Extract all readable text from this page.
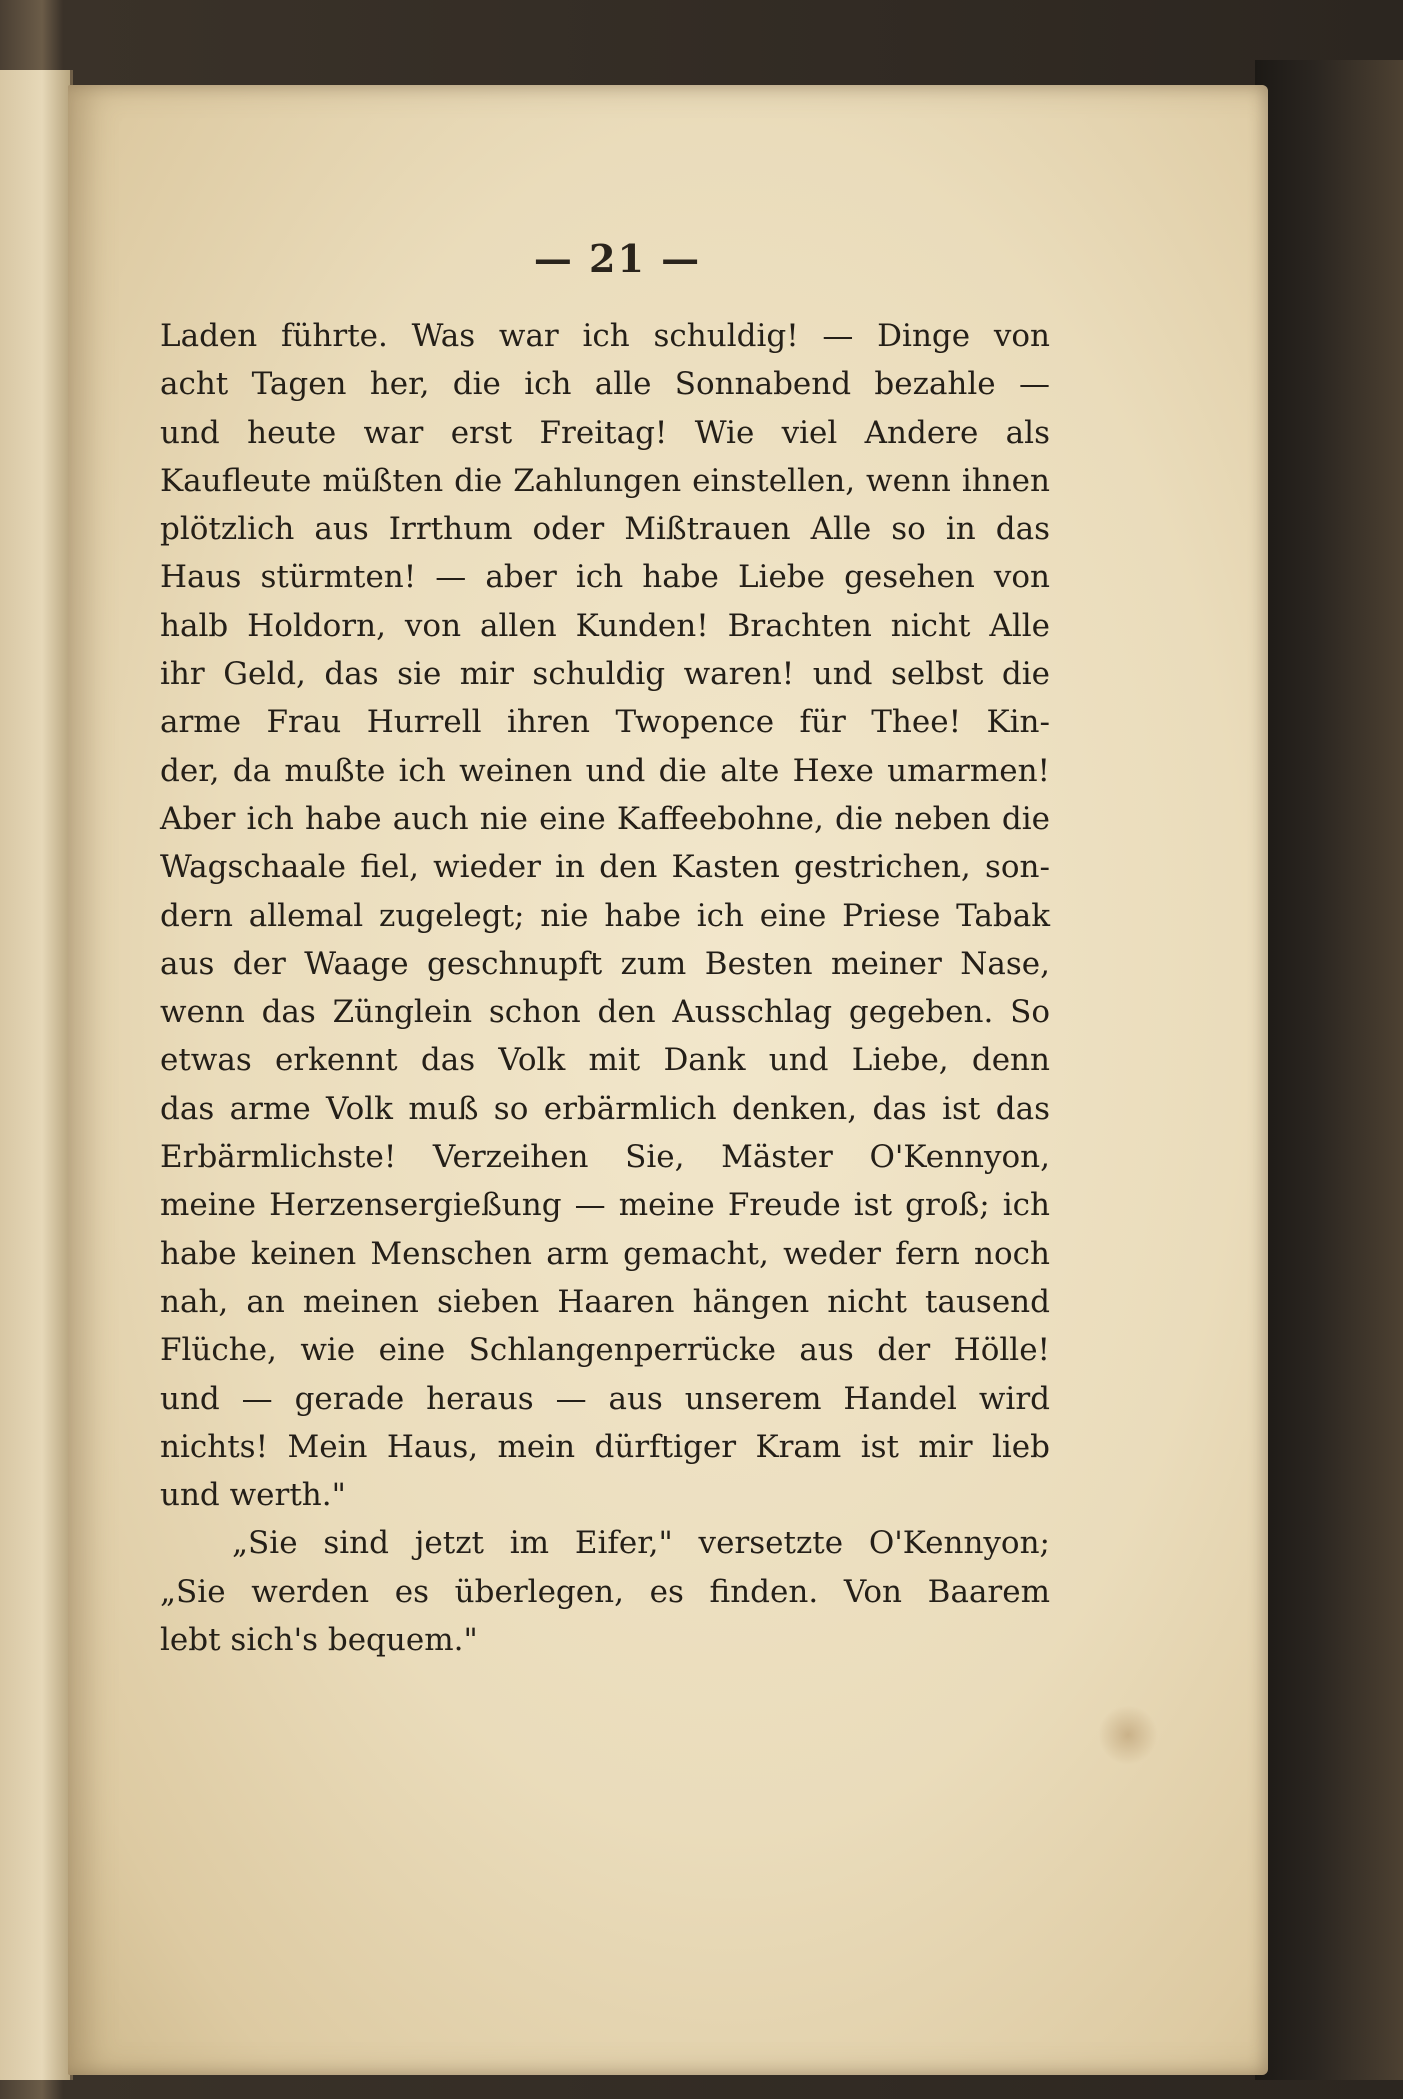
— 21 —
Laden führte. Was war ich schuldig! — Dinge von
acht Tagen her, die ich alle Sonnabend bezahle —
und heute war erst Freitag! Wie viel Andere als
Kaufleute müßten die Zahlungen einstellen, wenn ihnen
plötzlich aus Irrthum oder Mißtrauen Alle so in das
Haus stürmten! — aber ich habe Liebe gesehen von
halb Holdorn, von allen Kunden! Brachten nicht Alle
ihr Geld, das sie mir schuldig waren! und selbst die
arme Frau Hurrell ihren Twopence für Thee! Kin-
der, da mußte ich weinen und die alte Hexe umarmen!
Aber ich habe auch nie eine Kaffeebohne, die neben die
Wagschaale fiel, wieder in den Kasten gestrichen, son-
dern allemal zugelegt; nie habe ich eine Priese Tabak
aus der Waage geschnupft zum Besten meiner Nase,
wenn das Zünglein schon den Ausschlag gegeben. So
etwas erkennt das Volk mit Dank und Liebe, denn
das arme Volk muß so erbärmlich denken, das ist das
Erbärmlichste! Verzeihen Sie, Mäster O'Kennyon,
meine Herzensergießung — meine Freude ist groß; ich
habe keinen Menschen arm gemacht, weder fern noch
nah, an meinen sieben Haaren hängen nicht tausend
Flüche, wie eine Schlangenperrücke aus der Hölle!
und — gerade heraus — aus unserem Handel wird
nichts! Mein Haus, mein dürftiger Kram ist mir lieb
und werth."
„Sie sind jetzt im Eifer," versetzte O'Kennyon;
„Sie werden es überlegen, es finden. Von Baarem
lebt sich's bequem."
